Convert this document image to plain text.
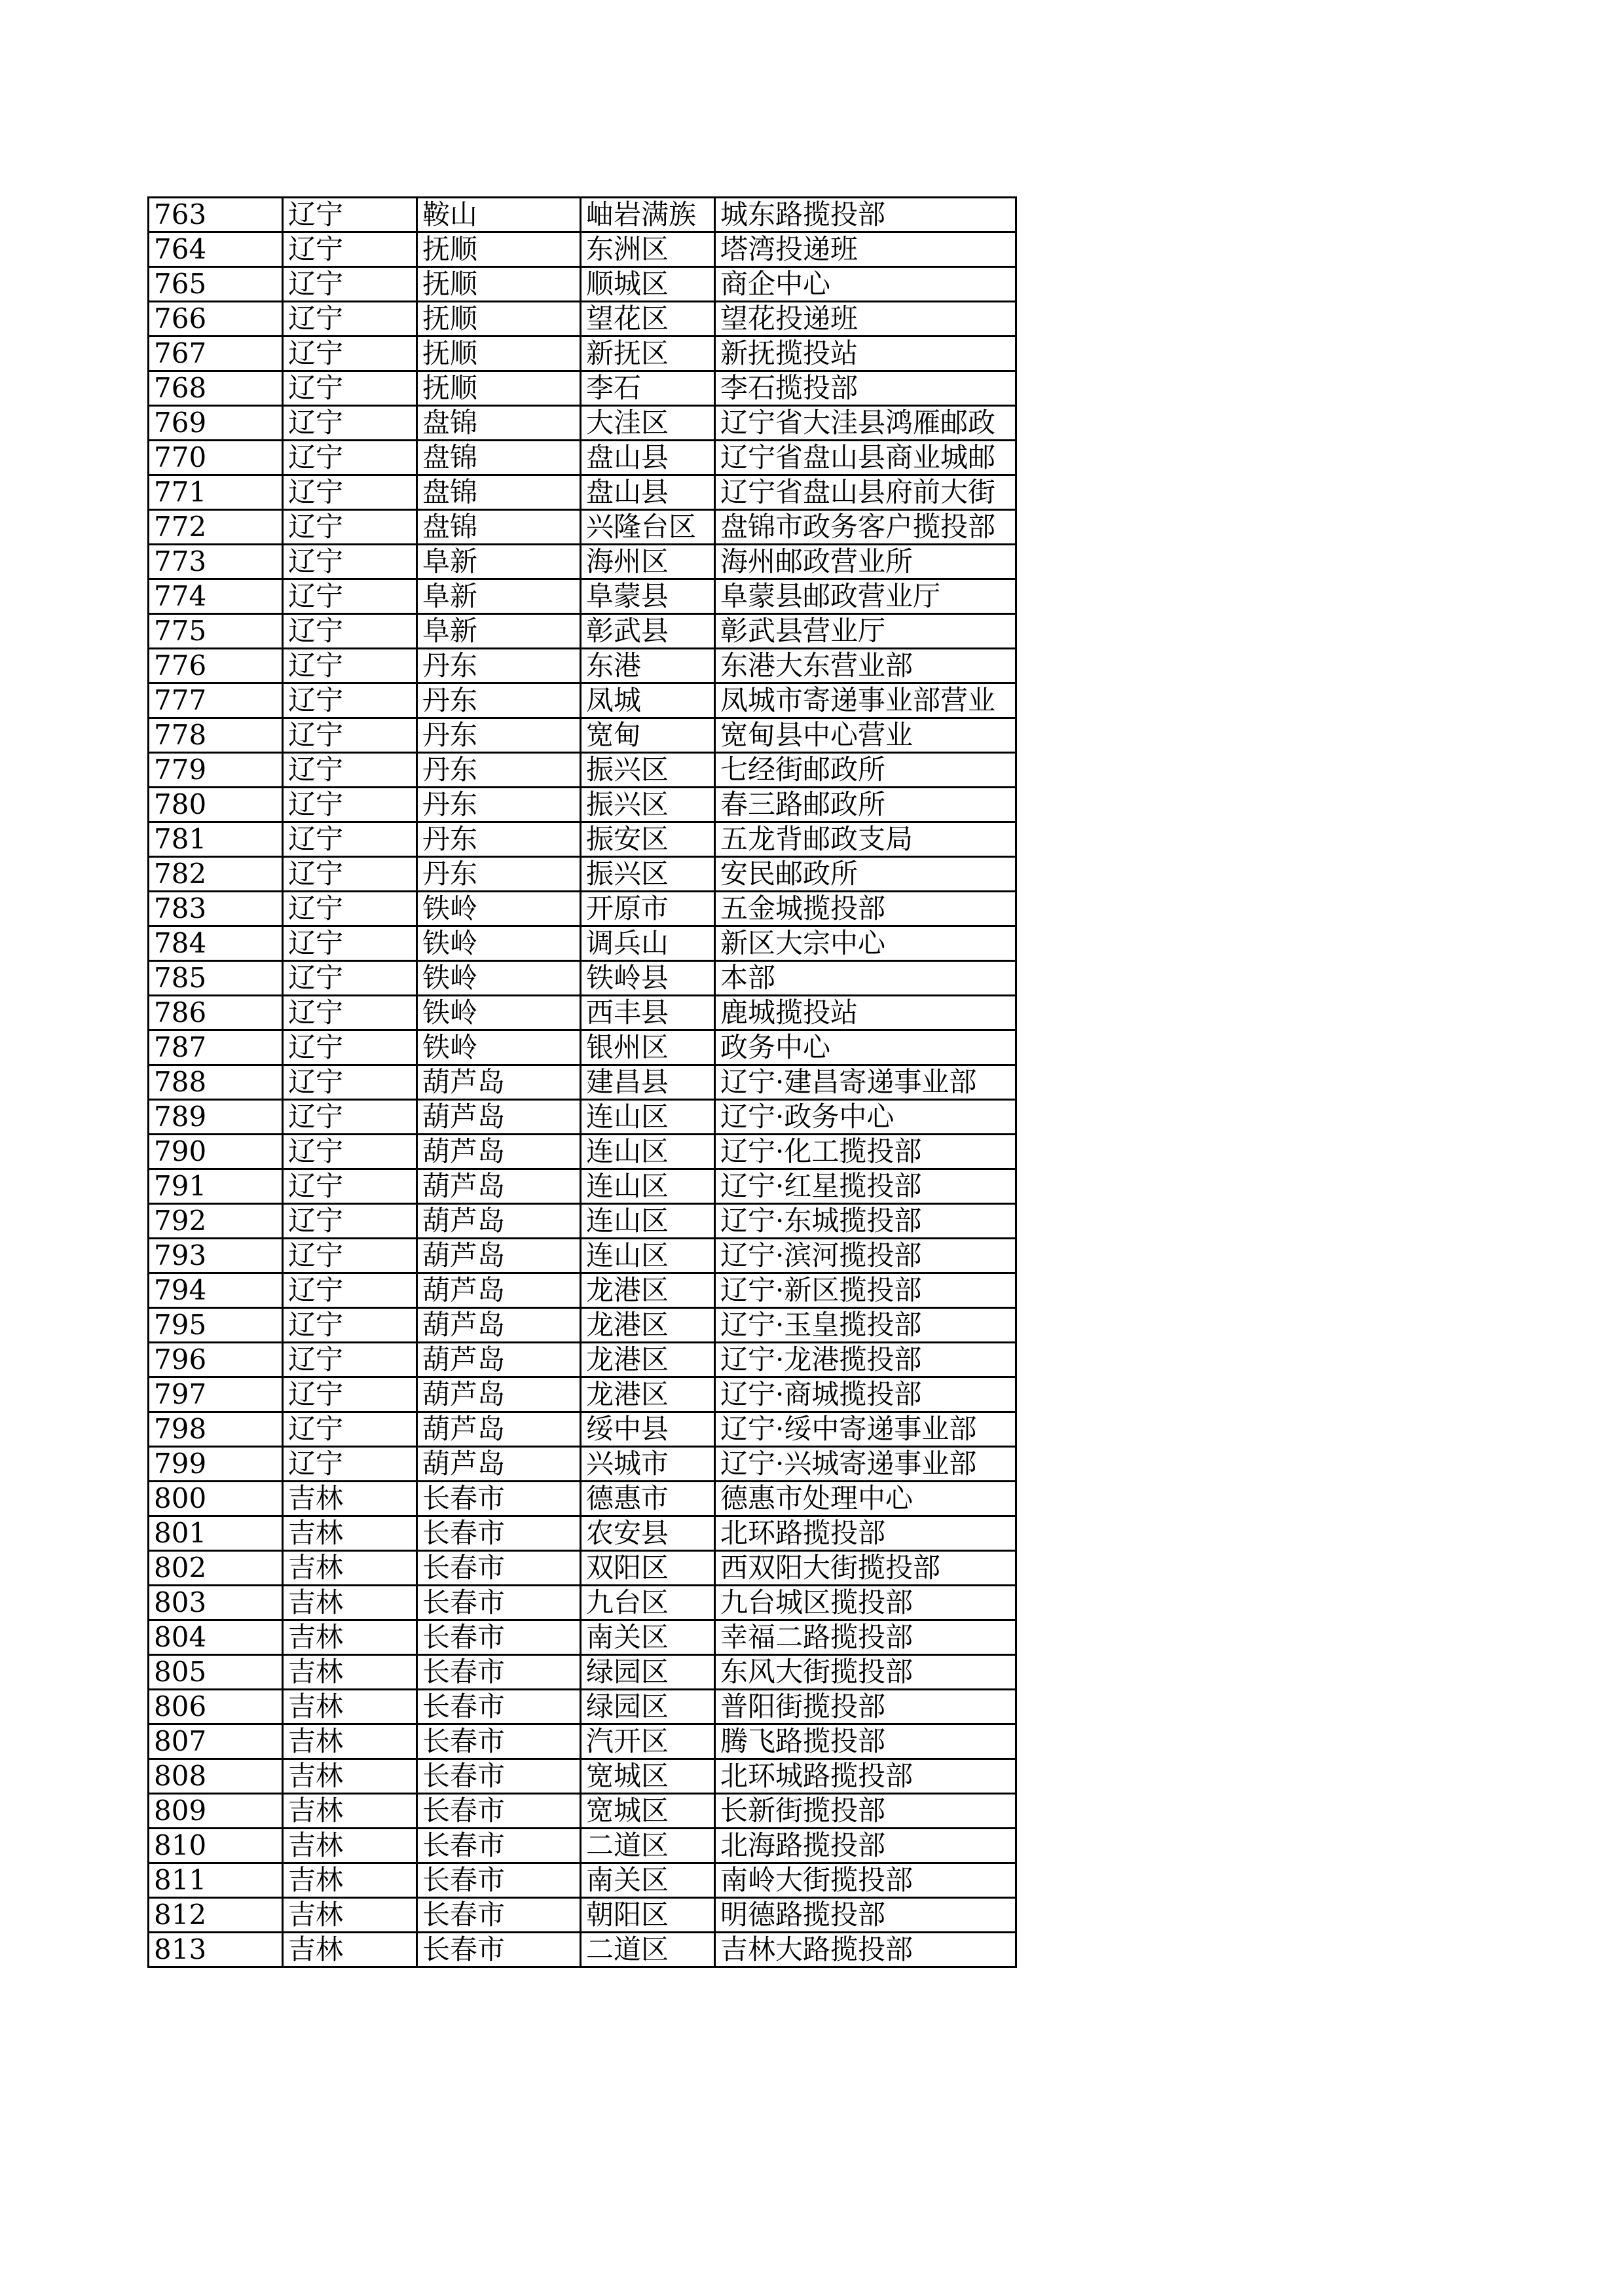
763	辽宁	鞍山	岫岩满族	城东路揽投部
764	辽宁	抚顺	东洲区	塔湾投递班
765	辽宁	抚顺	顺城区	商企中心
766	辽宁	抚顺	望花区	望花投递班
767	辽宁	抚顺	新抚区	新抚揽投站
768	辽宁	抚顺	李石	李石揽投部
769	辽宁	盘锦	大洼区	辽宁省大洼县鸿雁邮政
770	辽宁	盘锦	盘山县	辽宁省盘山县商业城邮
771	辽宁	盘锦	盘山县	辽宁省盘山县府前大街
772	辽宁	盘锦	兴隆台区	盘锦市政务客户揽投部
773	辽宁	阜新	海州区	海州邮政营业所
774	辽宁	阜新	阜蒙县	阜蒙县邮政营业厅
775	辽宁	阜新	彰武县	彰武县营业厅
776	辽宁	丹东	东港	东港大东营业部
777	辽宁	丹东	凤城	凤城市寄递事业部营业
778	辽宁	丹东	宽甸	宽甸县中心营业
779	辽宁	丹东	振兴区	七经街邮政所
780	辽宁	丹东	振兴区	春三路邮政所
781	辽宁	丹东	振安区	五龙背邮政支局
782	辽宁	丹东	振兴区	安民邮政所
783	辽宁	铁岭	开原市	五金城揽投部
784	辽宁	铁岭	调兵山	新区大宗中心
785	辽宁	铁岭	铁岭县	本部
786	辽宁	铁岭	西丰县	鹿城揽投站
787	辽宁	铁岭	银州区	政务中心
788	辽宁	葫芦岛	建昌县	辽宁·建昌寄递事业部
789	辽宁	葫芦岛	连山区	辽宁·政务中心
790	辽宁	葫芦岛	连山区	辽宁·化工揽投部
791	辽宁	葫芦岛	连山区	辽宁·红星揽投部
792	辽宁	葫芦岛	连山区	辽宁·东城揽投部
793	辽宁	葫芦岛	连山区	辽宁·滨河揽投部
794	辽宁	葫芦岛	龙港区	辽宁·新区揽投部
795	辽宁	葫芦岛	龙港区	辽宁·玉皇揽投部
796	辽宁	葫芦岛	龙港区	辽宁·龙港揽投部
797	辽宁	葫芦岛	龙港区	辽宁·商城揽投部
798	辽宁	葫芦岛	绥中县	辽宁·绥中寄递事业部
799	辽宁	葫芦岛	兴城市	辽宁·兴城寄递事业部
800	吉林	长春市	德惠市	德惠市处理中心
801	吉林	长春市	农安县	北环路揽投部
802	吉林	长春市	双阳区	西双阳大街揽投部
803	吉林	长春市	九台区	九台城区揽投部
804	吉林	长春市	南关区	幸福二路揽投部
805	吉林	长春市	绿园区	东风大街揽投部
806	吉林	长春市	绿园区	普阳街揽投部
807	吉林	长春市	汽开区	腾飞路揽投部
808	吉林	长春市	宽城区	北环城路揽投部
809	吉林	长春市	宽城区	长新街揽投部
810	吉林	长春市	二道区	北海路揽投部
811	吉林	长春市	南关区	南岭大街揽投部
812	吉林	长春市	朝阳区	明德路揽投部
813	吉林	长春市	二道区	吉林大路揽投部
